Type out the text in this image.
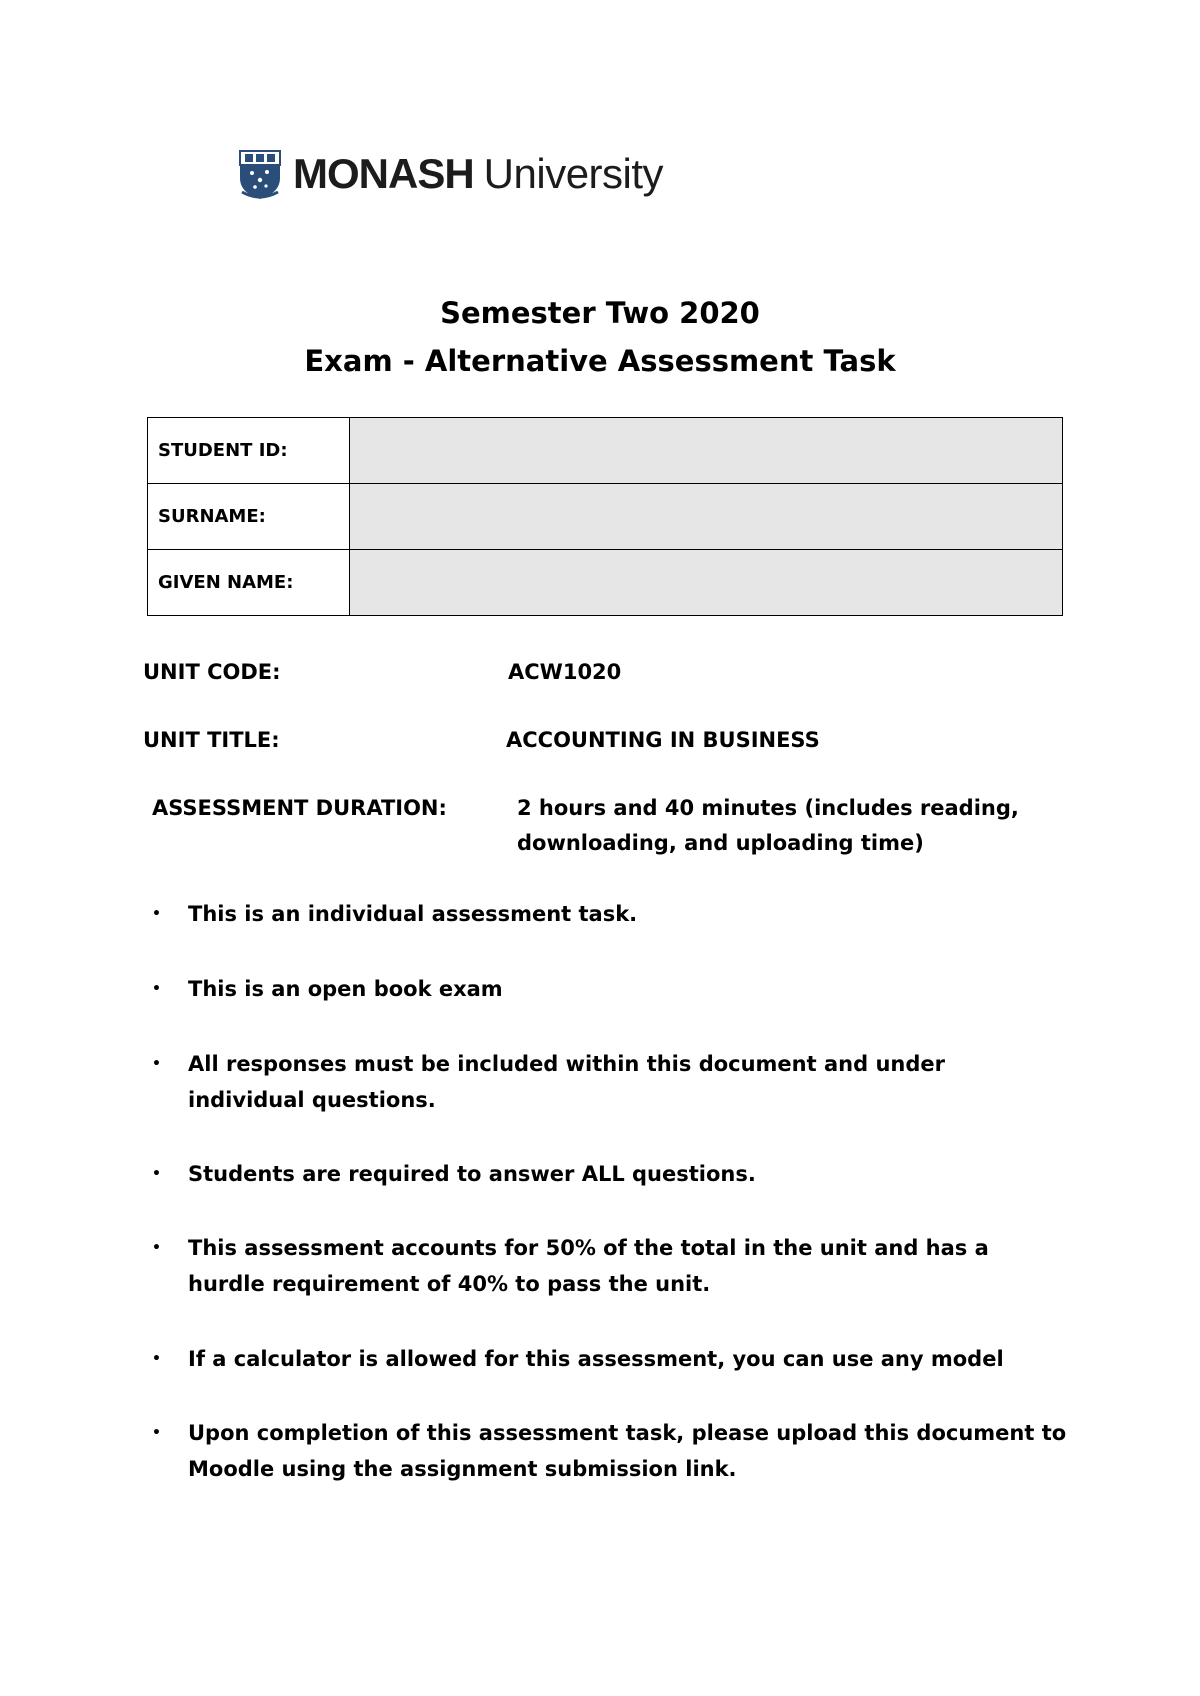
MONASH University
Semester Two 2020
Exam - Alternative Assessment Task
STUDENT ID:	
SURNAME:	
GIVEN NAME:	
UNIT CODE:	ACW1020
UNIT TITLE:	ACCOUNTING IN BUSINESS
ASSESSMENT DURATION:	2 hours and 40 minutes (includes reading,
downloading, and uploading time)
• This is an individual assessment task.
• This is an open book exam
• All responses must be included within this document and under individual questions.
• Students are required to answer ALL questions.
• This assessment accounts for 50% of the total in the unit and has a hurdle requirement of 40% to pass the unit.
• If a calculator is allowed for this assessment, you can use any model
• Upon completion of this assessment task, please upload this document to Moodle using the assignment submission link.
